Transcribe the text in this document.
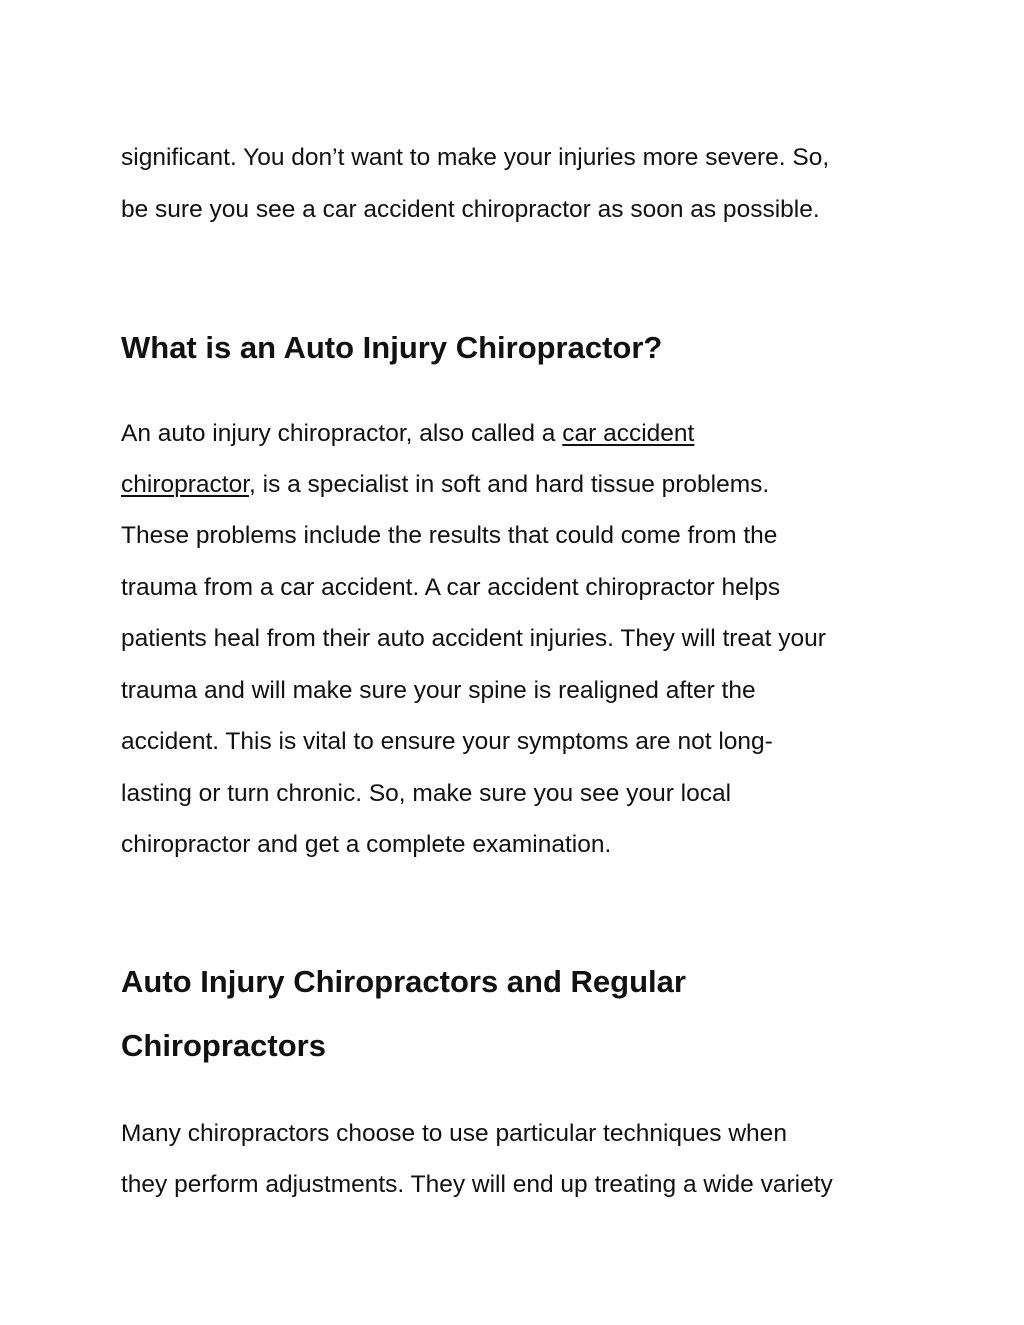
significant. You don’t want to make your injuries more severe. So,
be sure you see a car accident chiropractor as soon as possible.
What is an Auto Injury Chiropractor?
An auto injury chiropractor, also called a car accident
chiropractor, is a specialist in soft and hard tissue problems.
These problems include the results that could come from the
trauma from a car accident. A car accident chiropractor helps
patients heal from their auto accident injuries. They will treat your
trauma and will make sure your spine is realigned after the
accident. This is vital to ensure your symptoms are not long-
lasting or turn chronic. So, make sure you see your local
chiropractor and get a complete examination.
Auto Injury Chiropractors and Regular
Chiropractors
Many chiropractors choose to use particular techniques when
they perform adjustments. They will end up treating a wide variety
